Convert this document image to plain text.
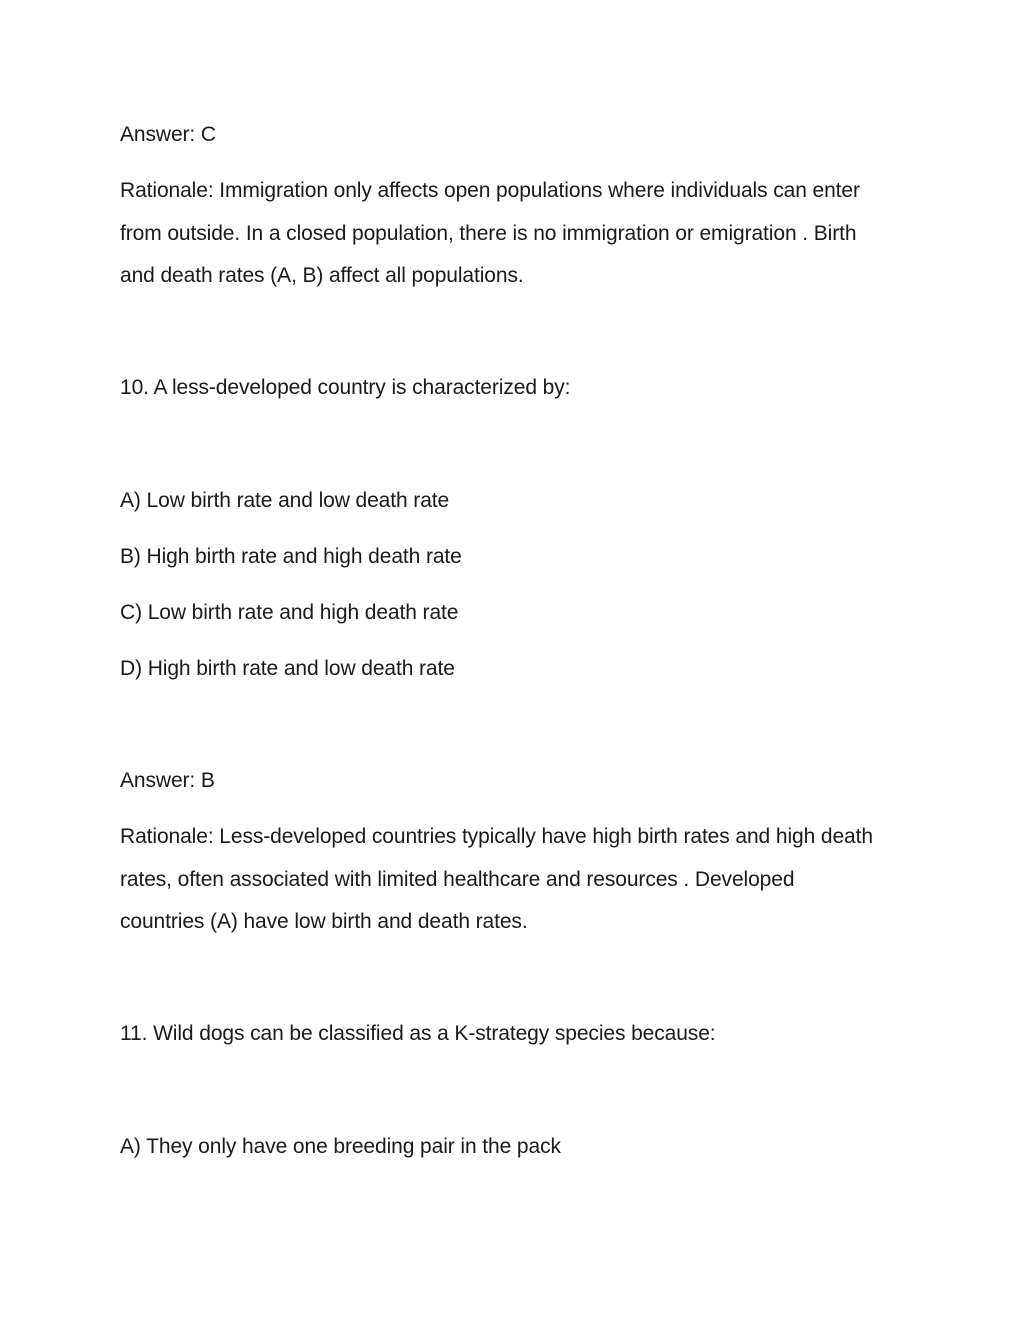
Answer: C
Rationale: Immigration only affects open populations where individuals can enter
from outside. In a closed population, there is no immigration or emigration . Birth
and death rates (A, B) affect all populations.
10. A less-developed country is characterized by:
A) Low birth rate and low death rate
B) High birth rate and high death rate
C) Low birth rate and high death rate
D) High birth rate and low death rate
Answer: B
Rationale: Less-developed countries typically have high birth rates and high death
rates, often associated with limited healthcare and resources . Developed
countries (A) have low birth and death rates.
11. Wild dogs can be classified as a K-strategy species because:
A) They only have one breeding pair in the pack
